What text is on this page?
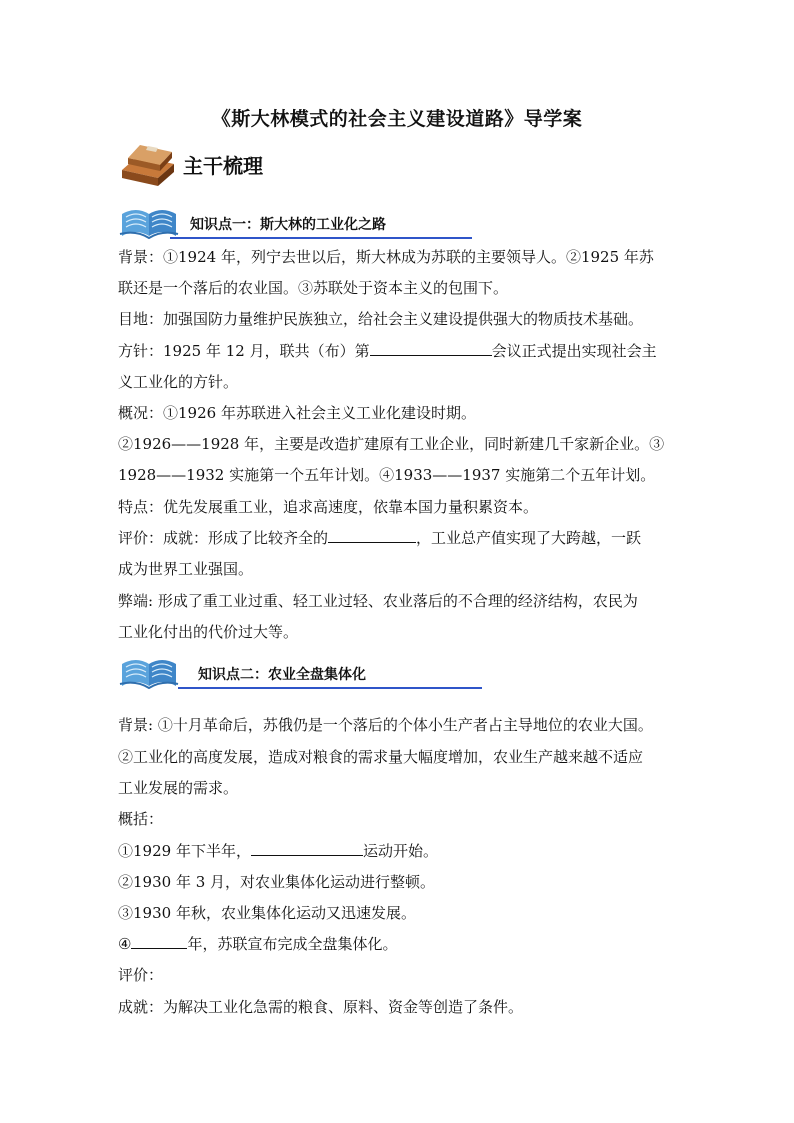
《斯大林模式的社会主义建设道路》导学案
主干梳理
知识点一：斯大林的工业化之路
背景：①1924 年，列宁去世以后，斯大林成为苏联的主要领导人。②1925 年苏
联还是一个落后的农业国。③苏联处于资本主义的包围下。
目地：加强国防力量维护民族独立，给社会主义建设提供强大的物质技术基础。
方针：1925 年 12 月，联共（布）第	会议正式提出实现社会主
义工业化的方针。
概况：①1926 年苏联进入社会主义工业化建设时期。
②1926——1928 年，主要是改造扩建原有工业企业，同时新建几千家新企业。③
1928——1932 实施第一个五年计划。④1933——1937 实施第二个五年计划。
特点：优先发展重工业，追求高速度，依靠本国力量积累资本。
评价：成就：形成了比较齐全的	，工业总产值实现了大跨越，一跃
成为世界工业强国。
弊端: 形成了重工业过重、轻工业过轻、农业落后的不合理的经济结构，农民为
工业化付出的代价过大等。
知识点二：农业全盘集体化
背景: ①十月革命后，苏俄仍是一个落后的个体小生产者占主导地位的农业大国。
②工业化的高度发展，造成对粮食的需求量大幅度增加，农业生产越来越不适应
工业发展的需求。
概括：
①1929 年下半年，	运动开始。
②1930 年 3 月，对农业集体化运动进行整顿。
③1930 年秋，农业集体化运动又迅速发展。
④	年，苏联宣布完成全盘集体化。
评价：
成就：为解决工业化急需的粮食、原料、资金等创造了条件。
